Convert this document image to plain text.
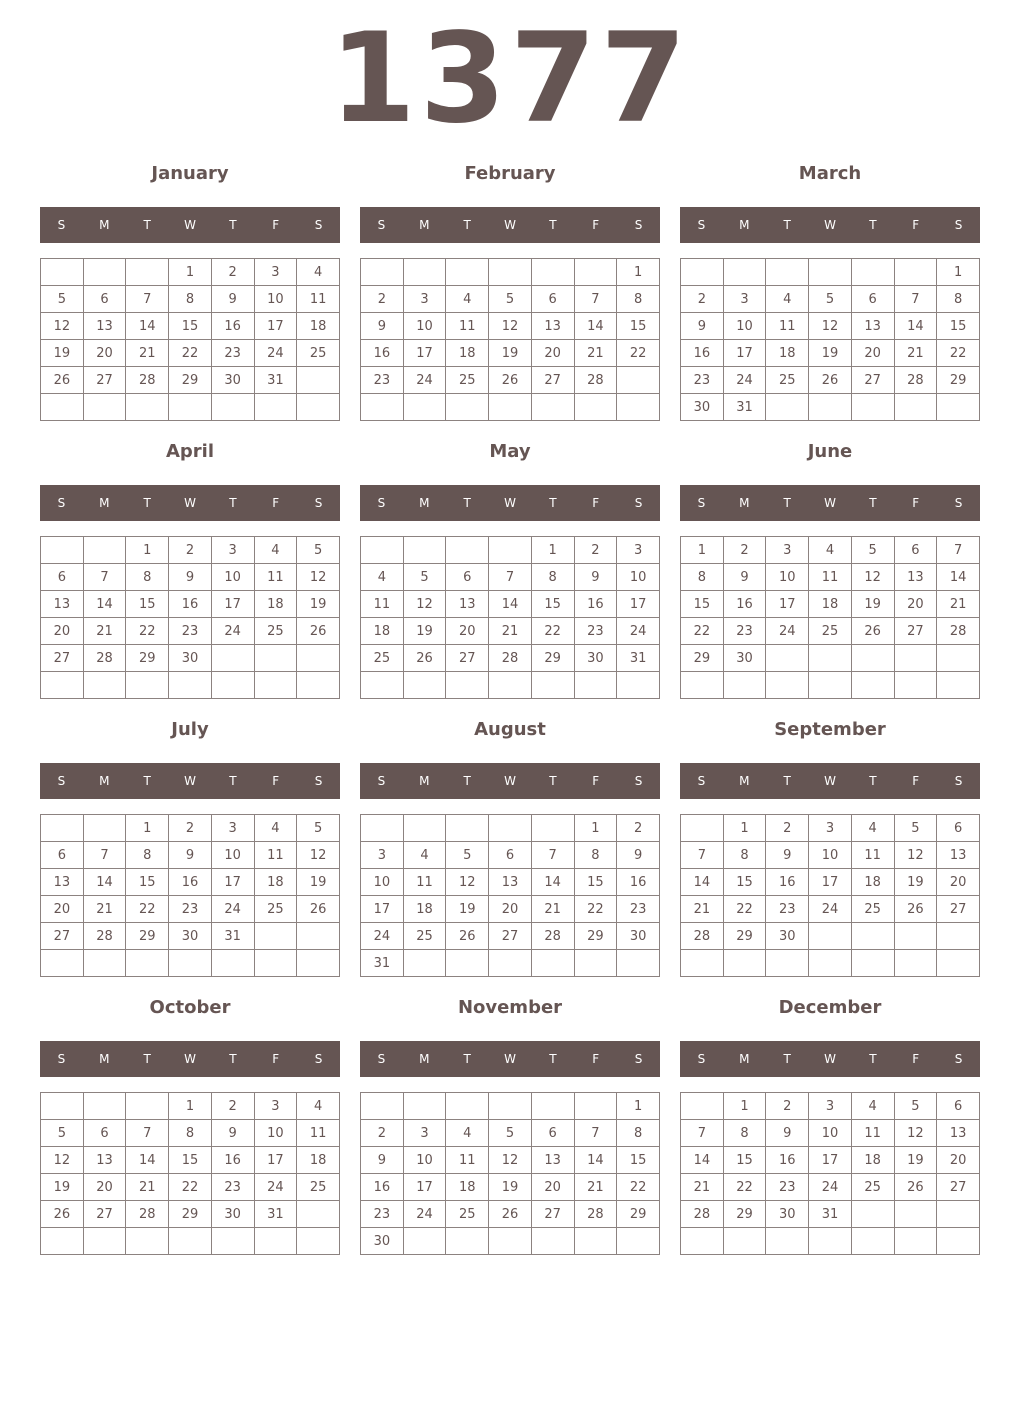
1377
January
S	M	T	W	T	F	S
			1	2	3	4
5	6	7	8	9	10	11
12	13	14	15	16	17	18
19	20	21	22	23	24	25
26	27	28	29	30	31	

February
S	M	T	W	T	F	S
						1
2	3	4	5	6	7	8
9	10	11	12	13	14	15
16	17	18	19	20	21	22
23	24	25	26	27	28	

March
S	M	T	W	T	F	S
						1
2	3	4	5	6	7	8
9	10	11	12	13	14	15
16	17	18	19	20	21	22
23	24	25	26	27	28	29
30	31					
April
S	M	T	W	T	F	S
		1	2	3	4	5
6	7	8	9	10	11	12
13	14	15	16	17	18	19
20	21	22	23	24	25	26
27	28	29	30			

May
S	M	T	W	T	F	S
				1	2	3
4	5	6	7	8	9	10
11	12	13	14	15	16	17
18	19	20	21	22	23	24
25	26	27	28	29	30	31

June
S	M	T	W	T	F	S
1	2	3	4	5	6	7
8	9	10	11	12	13	14
15	16	17	18	19	20	21
22	23	24	25	26	27	28
29	30					

July
S	M	T	W	T	F	S
		1	2	3	4	5
6	7	8	9	10	11	12
13	14	15	16	17	18	19
20	21	22	23	24	25	26
27	28	29	30	31		

August
S	M	T	W	T	F	S
					1	2
3	4	5	6	7	8	9
10	11	12	13	14	15	16
17	18	19	20	21	22	23
24	25	26	27	28	29	30
31						
September
S	M	T	W	T	F	S
	1	2	3	4	5	6
7	8	9	10	11	12	13
14	15	16	17	18	19	20
21	22	23	24	25	26	27
28	29	30				

October
S	M	T	W	T	F	S
			1	2	3	4
5	6	7	8	9	10	11
12	13	14	15	16	17	18
19	20	21	22	23	24	25
26	27	28	29	30	31	

November
S	M	T	W	T	F	S
						1
2	3	4	5	6	7	8
9	10	11	12	13	14	15
16	17	18	19	20	21	22
23	24	25	26	27	28	29
30						
December
S	M	T	W	T	F	S
	1	2	3	4	5	6
7	8	9	10	11	12	13
14	15	16	17	18	19	20
21	22	23	24	25	26	27
28	29	30	31			
